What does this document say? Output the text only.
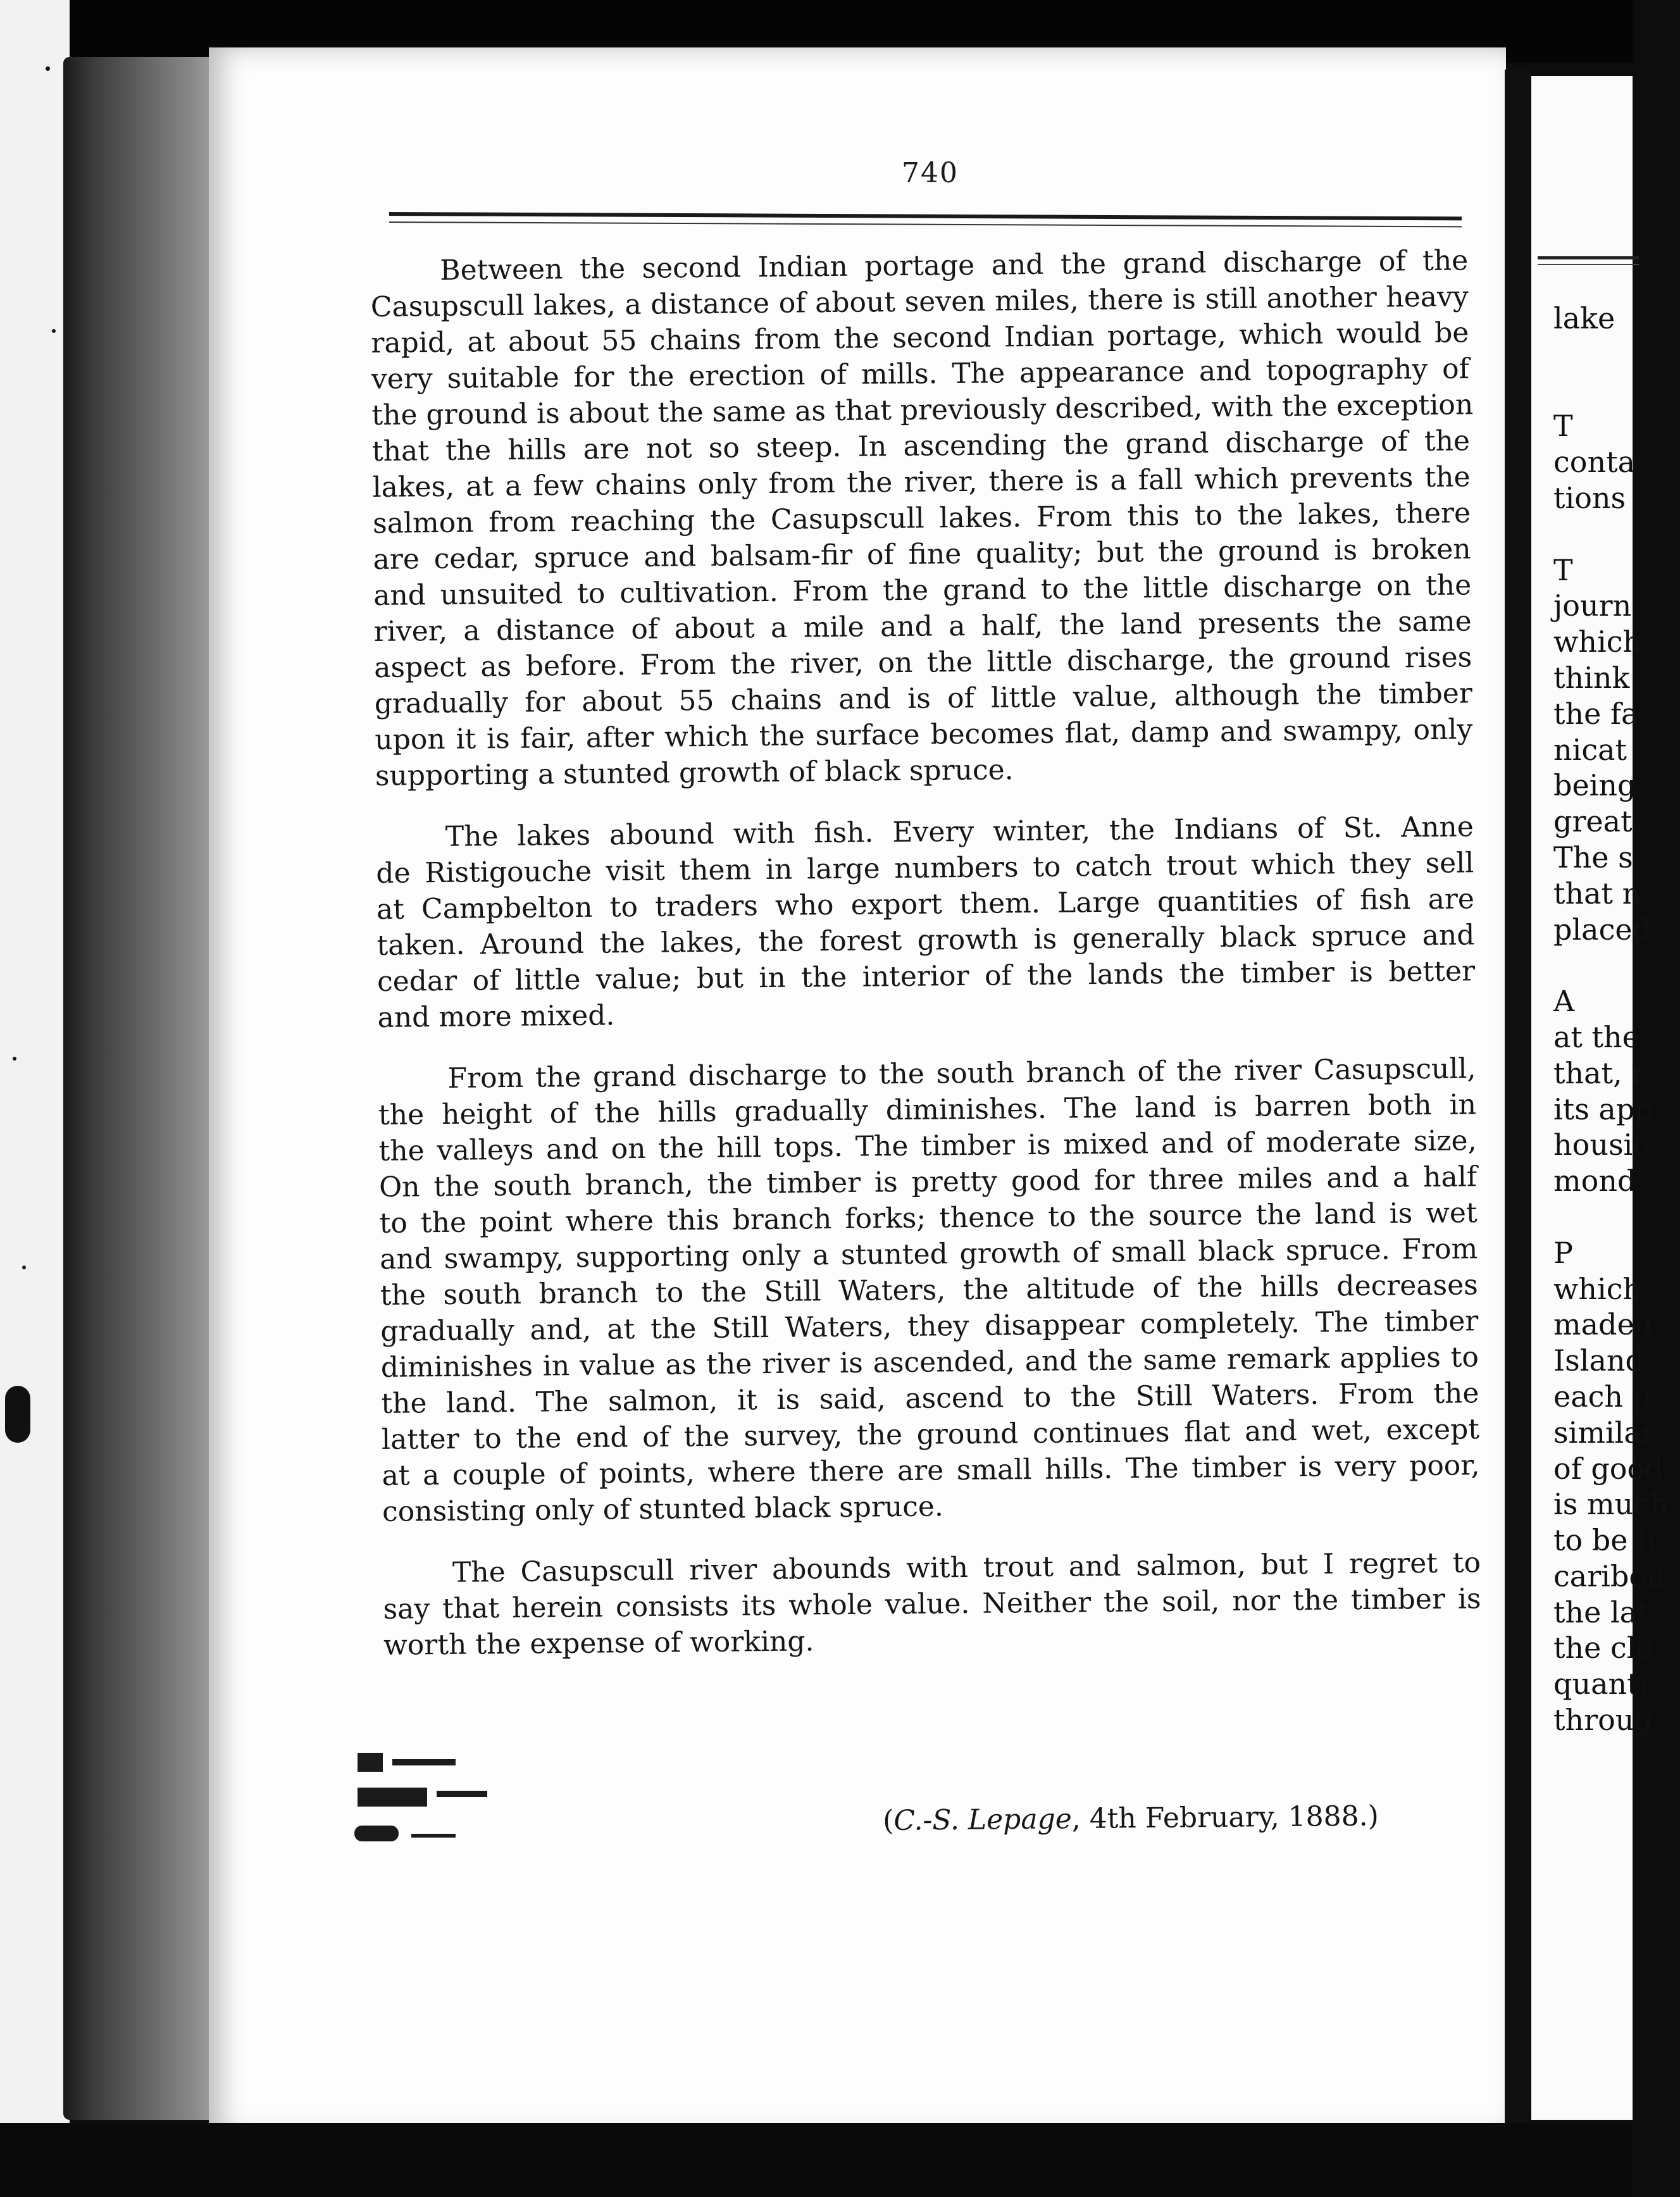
lake

T
conta
tions

T
journ
which
think
the fa
nicat
being
great
The s
that n
placed

A
at the
that, r
its app
housie
mond.

P
which
made r
Island
each p
similar
of good
is much
to be h
caribou
the lat
the clo
quanti
throug
740
Between the second Indian portage and the grand discharge of the
Casupscull lakes, a distance of about seven miles, there is still another heavy
rapid, at about 55 chains from the second Indian portage, which would be
very suitable for the erection of mills. The appearance and topography of
the ground is about the same as that previously described, with the exception
that the hills are not so steep. In ascending the grand discharge of the
lakes, at a few chains only from the river, there is a fall which prevents the
salmon from reaching the Casupscull lakes. From this to the lakes, there
are cedar, spruce and balsam-fir of fine quality; but the ground is broken
and unsuited to cultivation. From the grand to the little discharge on the
river, a distance of about a mile and a half, the land presents the same
aspect as before. From the river, on the little discharge, the ground rises
gradually for about 55 chains and is of little value, although the timber
upon it is fair, after which the surface becomes flat, damp and swampy, only
supporting a stunted growth of black spruce.
The lakes abound with fish. Every winter, the Indians of St. Anne
de Ristigouche visit them in large numbers to catch trout which they sell
at Campbelton to traders who export them. Large quantities of fish are
taken. Around the lakes, the forest growth is generally black spruce and
cedar of little value; but in the interior of the lands the timber is better
and more mixed.
From the grand discharge to the south branch of the river Casupscull,
the height of the hills gradually diminishes. The land is barren both in
the valleys and on the hill tops. The timber is mixed and of moderate size,
On the south branch, the timber is pretty good for three miles and a half
to the point where this branch forks; thence to the source the land is wet
and swampy, supporting only a stunted growth of small black spruce. From
the south branch to the Still Waters, the altitude of the hills decreases
gradually and, at the Still Waters, they disappear completely. The timber
diminishes in value as the river is ascended, and the same remark applies to
the land. The salmon, it is said, ascend to the Still Waters. From the
latter to the end of the survey, the ground continues flat and wet, except
at a couple of points, where there are small hills. The timber is very poor,
consisting only of stunted black spruce.
The Casupscull river abounds with trout and salmon, but I regret to
say that herein consists its whole value. Neither the soil, nor the timber is
worth the expense of working.
(C.-S. Lepage, 4th February, 1888.)
